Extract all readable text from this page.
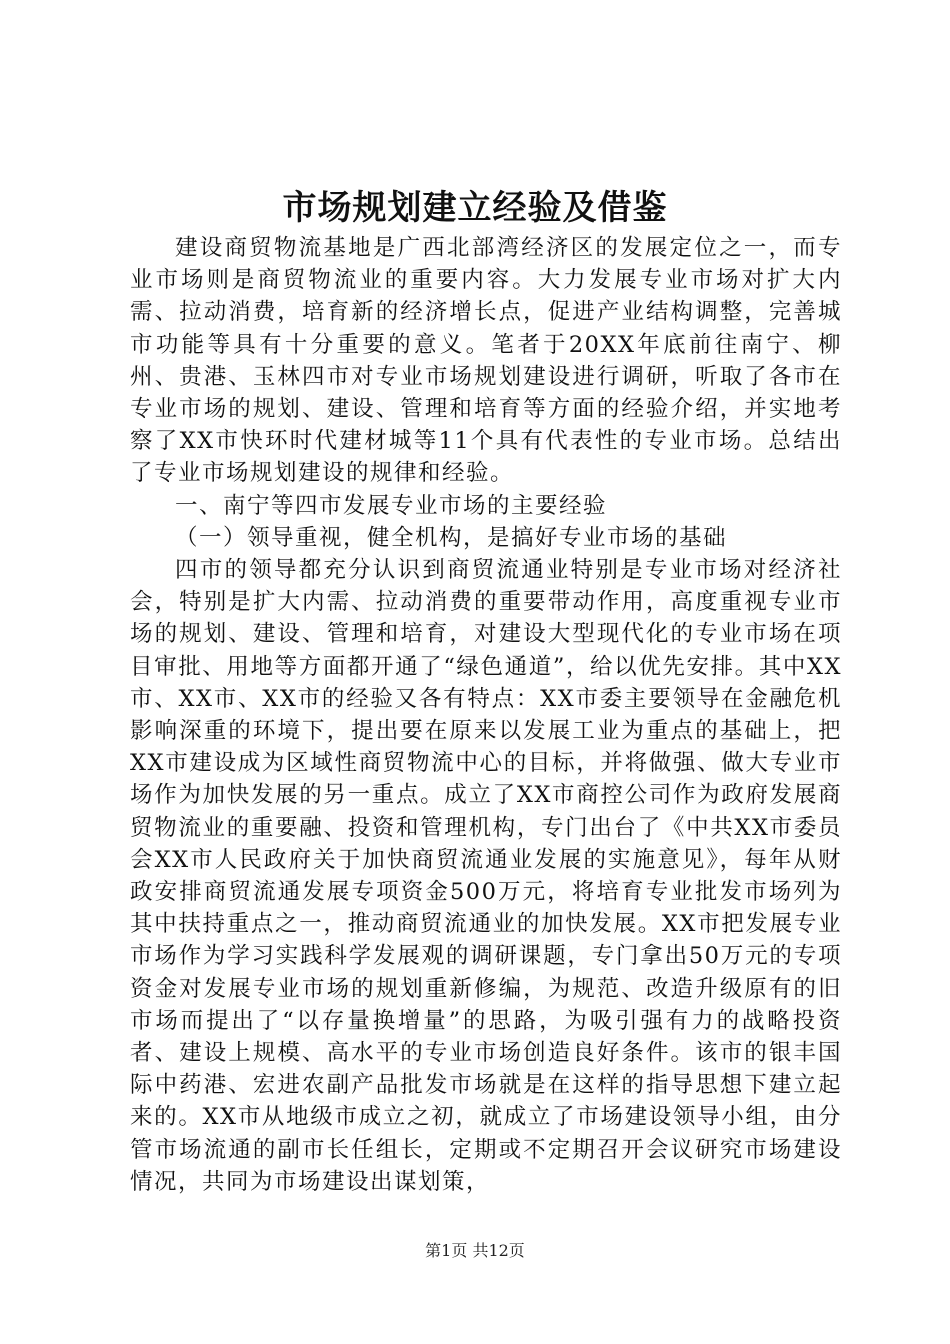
市场规划建立经验及借鉴

建设商贸物流基地是广西北部湾经济区的发展定位之一，而专业市场则是商贸物流业的重要内容。大力发展专业市场对扩大内需、拉动消费，培育新的经济增长点，促进产业结构调整，完善城市功能等具有十分重要的意义。笔者于20XX年底前往南宁、柳州、贵港、玉林四市对专业市场规划建设进行调研，听取了各市在专业市场的规划、建设、管理和培育等方面的经验介绍，并实地考察了XX市快环时代建材城等11个具有代表性的专业市场。总结出了专业市场规划建设的规律和经验。

一、南宁等四市发展专业市场的主要经验

（一）领导重视，健全机构，是搞好专业市场的基础

四市的领导都充分认识到商贸流通业特别是专业市场对经济社会，特别是扩大内需、拉动消费的重要带动作用，高度重视专业市场的规划、建设、管理和培育，对建设大型现代化的专业市场在项目审批、用地等方面都开通了“绿色通道”，给以优先安排。其中XX市、XX市、XX市的经验又各有特点：XX市委主要领导在金融危机影响深重的环境下，提出要在原来以发展工业为重点的基础上，把XX市建设成为区域性商贸物流中心的目标，并将做强、做大专业市场作为加快发展的另一重点。成立了XX市商控公司作为政府发展商贸物流业的重要融、投资和管理机构，专门出台了《中共XX市委员会XX市人民政府关于加快商贸流通业发展的实施意见》，每年从财政安排商贸流通发展专项资金500万元，将培育专业批发市场列为其中扶持重点之一，推动商贸流通业的加快发展。XX市把发展专业市场作为学习实践科学发展观的调研课题，专门拿出50万元的专项资金对发展专业市场的规划重新修编，为规范、改造升级原有的旧市场而提出了“以存量换增量”的思路，为吸引强有力的战略投资者、建设上规模、高水平的专业市场创造良好条件。该市的银丰国际中药港、宏进农副产品批发市场就是在这样的指导思想下建立起来的。XX市从地级市成立之初，就成立了市场建设领导小组，由分管市场流通的副市长任组长，定期或不定期召开会议研究市场建设情况，共同为市场建设出谋划策，

第1页 共12页
